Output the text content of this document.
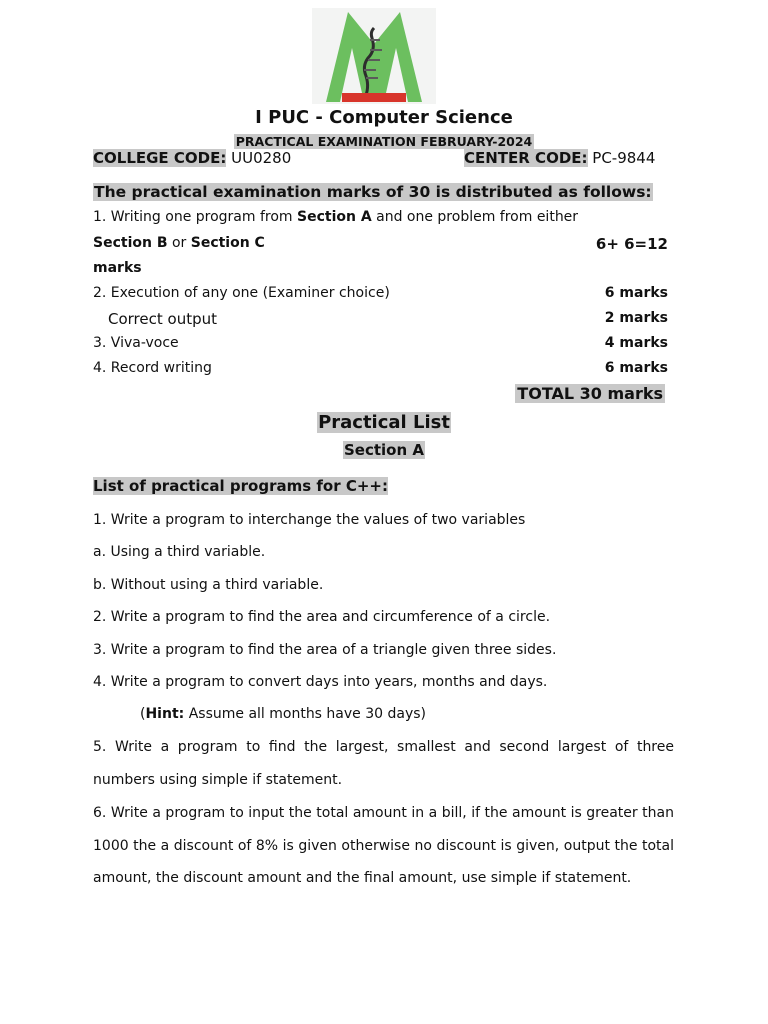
I PUC - Computer Science
PRACTICAL EXAMINATION FEBRUARY-2024
COLLEGE CODE: UU0280	CENTER CODE: PC-9844
The practical examination marks of 30 is distributed as follows:
1. Writing one program from Section A and one problem from either
Section B or Section C	6+ 6=12
marks
2. Execution of any one (Examiner choice)	6 marks
Correct output	2 marks
3. Viva-voce	4 marks
4. Record writing	6 marks
TOTAL 30 marks
Practical List
Section A
List of practical programs for C++:
1. Write a program to interchange the values of two variables
a. Using a third variable.
b. Without using a third variable.
2. Write a program to find the area and circumference of a circle.
3. Write a program to find the area of a triangle given three sides.
4. Write a program to convert days into years, months and days.
(Hint: Assume all months have 30 days)
5. Write a program to find the largest, smallest and second largest of three numbers using simple if statement.
6. Write a program to input the total amount in a bill, if the amount is greater than 1000 the a discount of 8% is given otherwise no discount is given, output the total amount, the discount amount and the final amount, use simple if statement.
